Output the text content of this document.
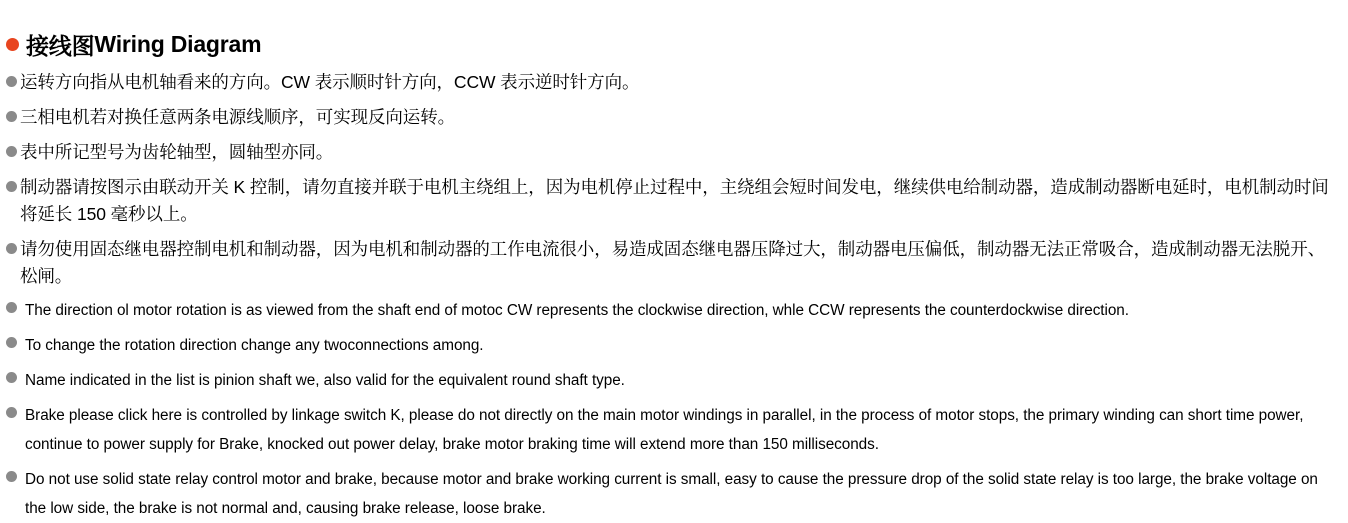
接线图 Wiring Diagram
运转方向指从电机轴看来的方向。CW 表示顺时针方向，CCW 表示逆时针方向。
三相电机若对换任意两条电源线顺序，可实现反向运转。
表中所记型号为齿轮轴型，圆轴型亦同。
制动器请按图示由联动开关 K 控制，请勿直接并联于电机主绕组上，因为电机停止过程中，主绕组会短时间发电，继续供电给制动器，造成制动器断电延时，电机制动时间将延长 150 毫秒以上。
请勿使用固态继电器控制电机和制动器，因为电机和制动器的工作电流很小，易造成固态继电器压降过大，制动器电压偏低，制动器无法正常吸合，造成制动器无法脱开、松闸。
The direction ol motor rotation is as viewed from the shaft end of motoc CW represents the clockwise direction, whle CCW represents the counterdockwise direction.
To change the rotation direction change any twoconnections among.
Name indicated in the list is pinion shaft we, also valid for the equivalent round shaft type.
Brake please click here is controlled by linkage switch K, please do not directly on the main motor windings in parallel, in the process of motor stops, the primary winding can short time power, continue to power supply for Brake, knocked out power delay, brake motor braking time will extend more than 150 milliseconds.
Do not use solid state relay control motor and brake, because motor and brake working current is small, easy to cause the pressure drop of the solid state relay is too large, the brake voltage on the low side, the brake is not normal and, causing brake release, loose brake.
